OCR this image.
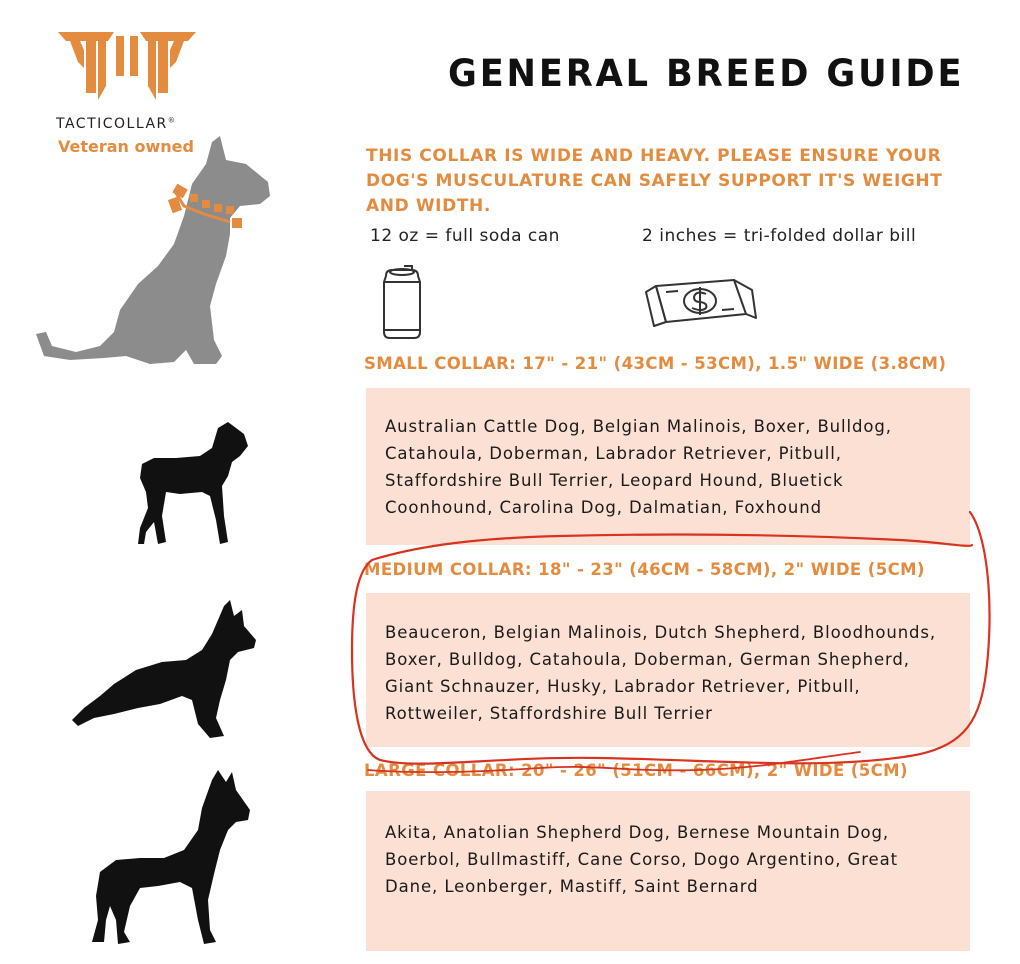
TACTICOLLAR®
Veteran owned
GENERAL BREED GUIDE
THIS COLLAR IS WIDE AND HEAVY. PLEASE ENSURE YOUR DOG'S MUSCULATURE CAN SAFELY SUPPORT IT'S WEIGHT AND WIDTH.
12 oz = full soda can	2 inches = tri-folded dollar bill
SMALL COLLAR: 17" - 21" (43CM - 53CM), 1.5" WIDE (3.8CM)
Australian Cattle Dog, Belgian Malinois, Boxer, Bulldog, Catahoula, Doberman, Labrador Retriever, Pitbull, Staffordshire Bull Terrier, Leopard Hound, Bluetick Coonhound, Carolina Dog, Dalmatian, Foxhound
MEDIUM COLLAR: 18" - 23" (46CM - 58CM), 2" WIDE (5CM)
Beauceron, Belgian Malinois, Dutch Shepherd, Bloodhounds, Boxer, Bulldog, Catahoula, Doberman, German Shepherd, Giant Schnauzer, Husky, Labrador Retriever, Pitbull, Rottweiler, Staffordshire Bull Terrier
LARGE COLLAR: 20" - 26" (51CM - 66CM), 2" WIDE (5CM)
Akita, Anatolian Shepherd Dog, Bernese Mountain Dog, Boerbol, Bullmastiff, Cane Corso, Dogo Argentino, Great Dane, Leonberger, Mastiff, Saint Bernard
